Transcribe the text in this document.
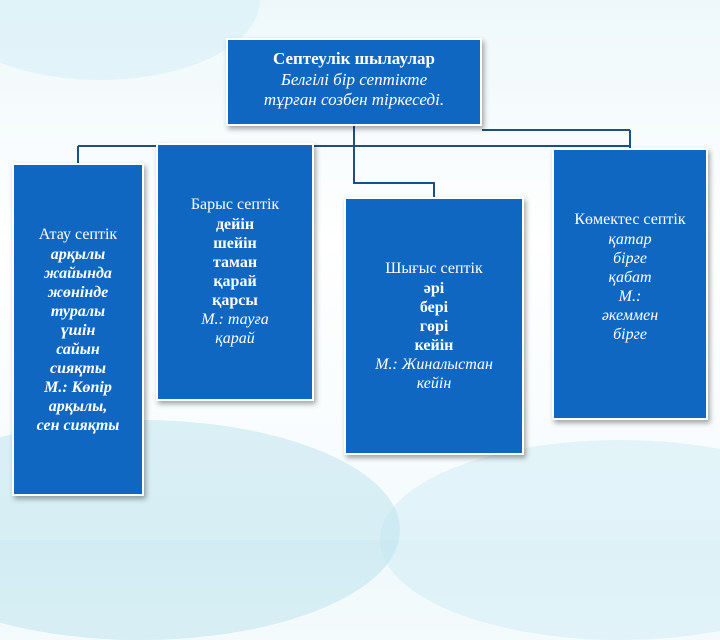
Септеулік шылаулар
Белгілі бір септікте
тұрған созбен тіркеседі.
Атау септік
арқылы
жайында
жөнінде
туралы
үшін
сайын
сияқты
М.: Көпір
арқылы,
сен сияқты
Барыс септік
дейін
шейін
таман
қарай
қарсы
М.: тауға
қарай
Шығыс септік
әрі
бері
гөрі
кейін
М.: Жиналыстан
кейін
Көмектес септік
қатар
бірге
қабат
М.:
әкеммен
бірге
